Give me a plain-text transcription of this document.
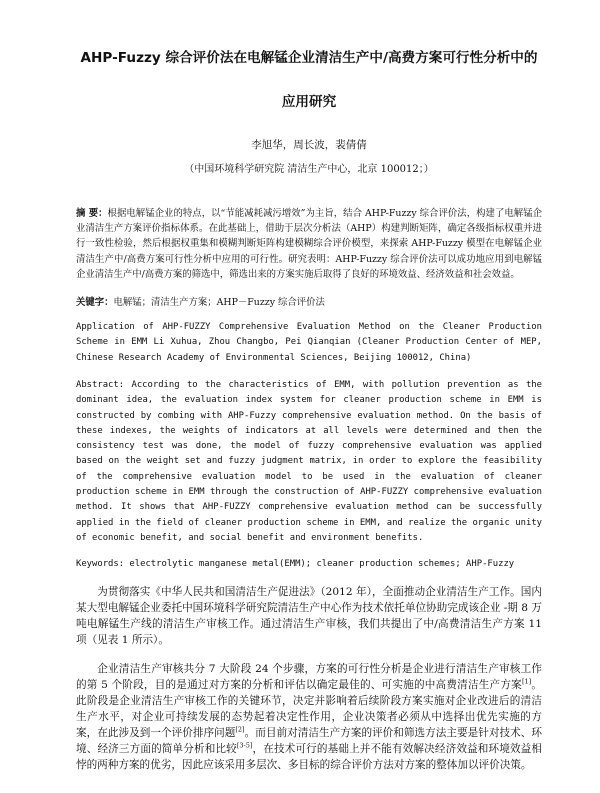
AHP-Fuzzy 综合评价法在电解锰企业清洁生产中/高费方案可行性分析中的
应用研究
李旭华，周长波，裴倩倩
（中国环境科学研究院 清洁生产中心，北京 100012；）
摘 要：根据电解锰企业的特点，以“节能减耗减污增效”为主旨，结合 AHP-Fuzzy 综合评价法，构建了电解锰企业清洁生产方案评价指标体系。在此基础上，借助于层次分析法（AHP）构建判断矩阵，确定各级指标权重并进行一致性检验，然后根据权重集和模糊判断矩阵构建模糊综合评价模型，来探索 AHP-Fuzzy 模型在电解锰企业清洁生产中/高费方案可行性分析中应用的可行性。研究表明：AHP-Fuzzy 综合评价法可以成功地应用到电解锰企业清洁生产中/高费方案的筛选中，筛选出来的方案实施后取得了良好的环境效益、经济效益和社会效益。
关键字：电解锰；清洁生产方案；AHP－Fuzzy 综合评价法
Application of AHP-FUZZY Comprehensive Evaluation Method on the Cleaner Production Scheme in EMM Li Xuhua, Zhou Changbo, Pei Qianqian (Cleaner Production Center of MEP, Chinese Research Academy of Environmental Sciences, Beijing 100012, China)
Abstract: According to the characteristics of EMM, with pollution prevention as the dominant idea, the evaluation index system for cleaner production scheme in EMM is constructed by combing with AHP-Fuzzy comprehensive evaluation method. On the basis of these indexes, the weights of indicators at all levels were determined and then the consistency test was done, the model of fuzzy comprehensive evaluation was applied based on the weight set and fuzzy judgment matrix, in order to explore the feasibility of the comprehensive evaluation model to be used in the evaluation of cleaner production scheme in EMM through the construction of AHP-FUZZY comprehensive evaluation method. It shows that AHP-FUZZY comprehensive evaluation method can be successfully applied in the field of cleaner production scheme in EMM, and realize the organic unity of economic benefit, and social benefit and environment benefits.
Keywords: electrolytic manganese metal(EMM); cleaner production schemes; AHP-Fuzzy
为贯彻落实《中华人民共和国清洁生产促进法》（2012 年），全面推动企业清洁生产工作。国内某大型电解锰企业委托中国环境科学研究院清洁生产中心作为技术依托单位协助完成该企业 -期 8 万吨电解锰生产线的清洁生产审核工作。通过清洁生产审核，我们共提出了中/高费清洁生产方案 11 项（见表 1 所示）。
企业清洁生产审核共分 7 大阶段 24 个步骤，方案的可行性分析是企业进行清洁生产审核工作的第 5 个阶段，目的是通过对方案的分析和评估以确定最佳的、可实施的中高费清洁生产方案[1]。此阶段是企业清洁生产审核工作的关键环节，决定并影响着后续阶段方案实施对企业改进后的清洁生产水平，对企业可持续发展的态势起着决定性作用，企业决策者必须从中选择出优先实施的方案，在此涉及到一个评价排序问题[2]。而目前对清洁生产方案的评价和筛选方法主要是针对技术、环境、经济三方面的简单分析和比较[3-5]，在技术可行的基础上并不能有效解决经济效益和环境效益相悖的两种方案的优劣，因此应该采用多层次、多目标的综合评价方法对方案的整体加以评价决策。
